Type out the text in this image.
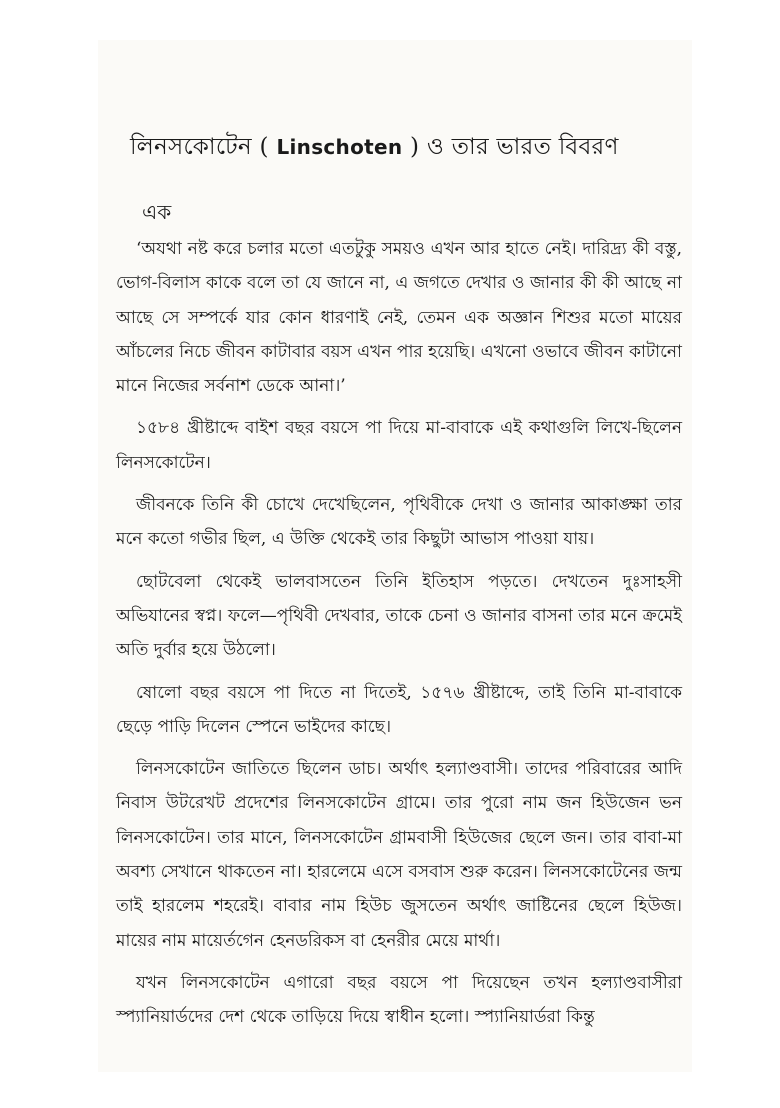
লিনসকোটেন ( Linschoten ) ও তার ভারত বিবরণ
এক

‘অযথা নষ্ট করে চলার মতো এতটুকু সময়ও এখন আর হাতে নেই। দারিদ্র্য কী বস্তু, ভোগ-বিলাস কাকে বলে তা যে জানে না, এ জগতে দেখার ও জানার কী কী আছে না আছে সে সম্পর্কে যার কোন ধারণাই নেই, তেমন এক অজ্ঞান শিশুর মতো মায়ের আঁচলের নিচে জীবন কাটাবার বয়স এখন পার হয়েছি। এখনো ওভাবে জীবন কাটানো মানে নিজের সর্বনাশ ডেকে আনা।’

১৫৮৪ খ্রীষ্টাব্দে বাইশ বছর বয়সে পা দিয়ে মা-বাবাকে এই কথাগুলি লিখে-ছিলেন লিনসকোটেন।

জীবনকে তিনি কী চোখে দেখেছিলেন, পৃথিবীকে দেখা ও জানার আকাঙ্ক্ষা তার মনে কতো গভীর ছিল, এ উক্তি থেকেই তার কিছুটা আভাস পাওয়া যায়।

ছোটবেলা থেকেই ভালবাসতেন তিনি ইতিহাস পড়তে। দেখতেন দুঃসাহসী অভিযানের স্বপ্ন। ফলে—পৃথিবী দেখবার, তাকে চেনা ও জানার বাসনা তার মনে ক্রমেই অতি দুর্বার হয়ে উঠলো।

ষোলো বছর বয়সে পা দিতে না দিতেই, ১৫৭৬ খ্রীষ্টাব্দে, তাই তিনি মা-বাবাকে ছেড়ে পাড়ি দিলেন স্পেনে ভাইদের কাছে।

লিনসকোটেন জাতিতে ছিলেন ডাচ। অর্থাৎ হল্যাণ্ডবাসী। তাদের পরিবারের আদি নিবাস উটরেখট প্রদেশের লিনসকোটেন গ্রামে। তার পুরো নাম জন হিউজেন ভন লিনসকোটেন। তার মানে, লিনসকোটেন গ্রামবাসী হিউজের ছেলে জন। তার বাবা-মা অবশ্য সেখানে থাকতেন না। হারলেমে এসে বসবাস শুরু করেন। লিনসকোটেনের জন্ম তাই হারলেম শহরেই। বাবার নাম হিউচ জুসতেন অর্থাৎ জাষ্টিনের ছেলে হিউজ। মায়ের নাম মায়ের্তগেন হেনডরিকস বা হেনরীর মেয়ে মার্থা।

যখন লিনসকোটেন এগারো বছর বয়সে পা দিয়েছেন তখন হল্যাণ্ডবাসীরা স্প্যানিয়ার্ডদের দেশ থেকে তাড়িয়ে দিয়ে স্বাধীন হলো। স্প্যানিয়ার্ডরা কিন্তু
